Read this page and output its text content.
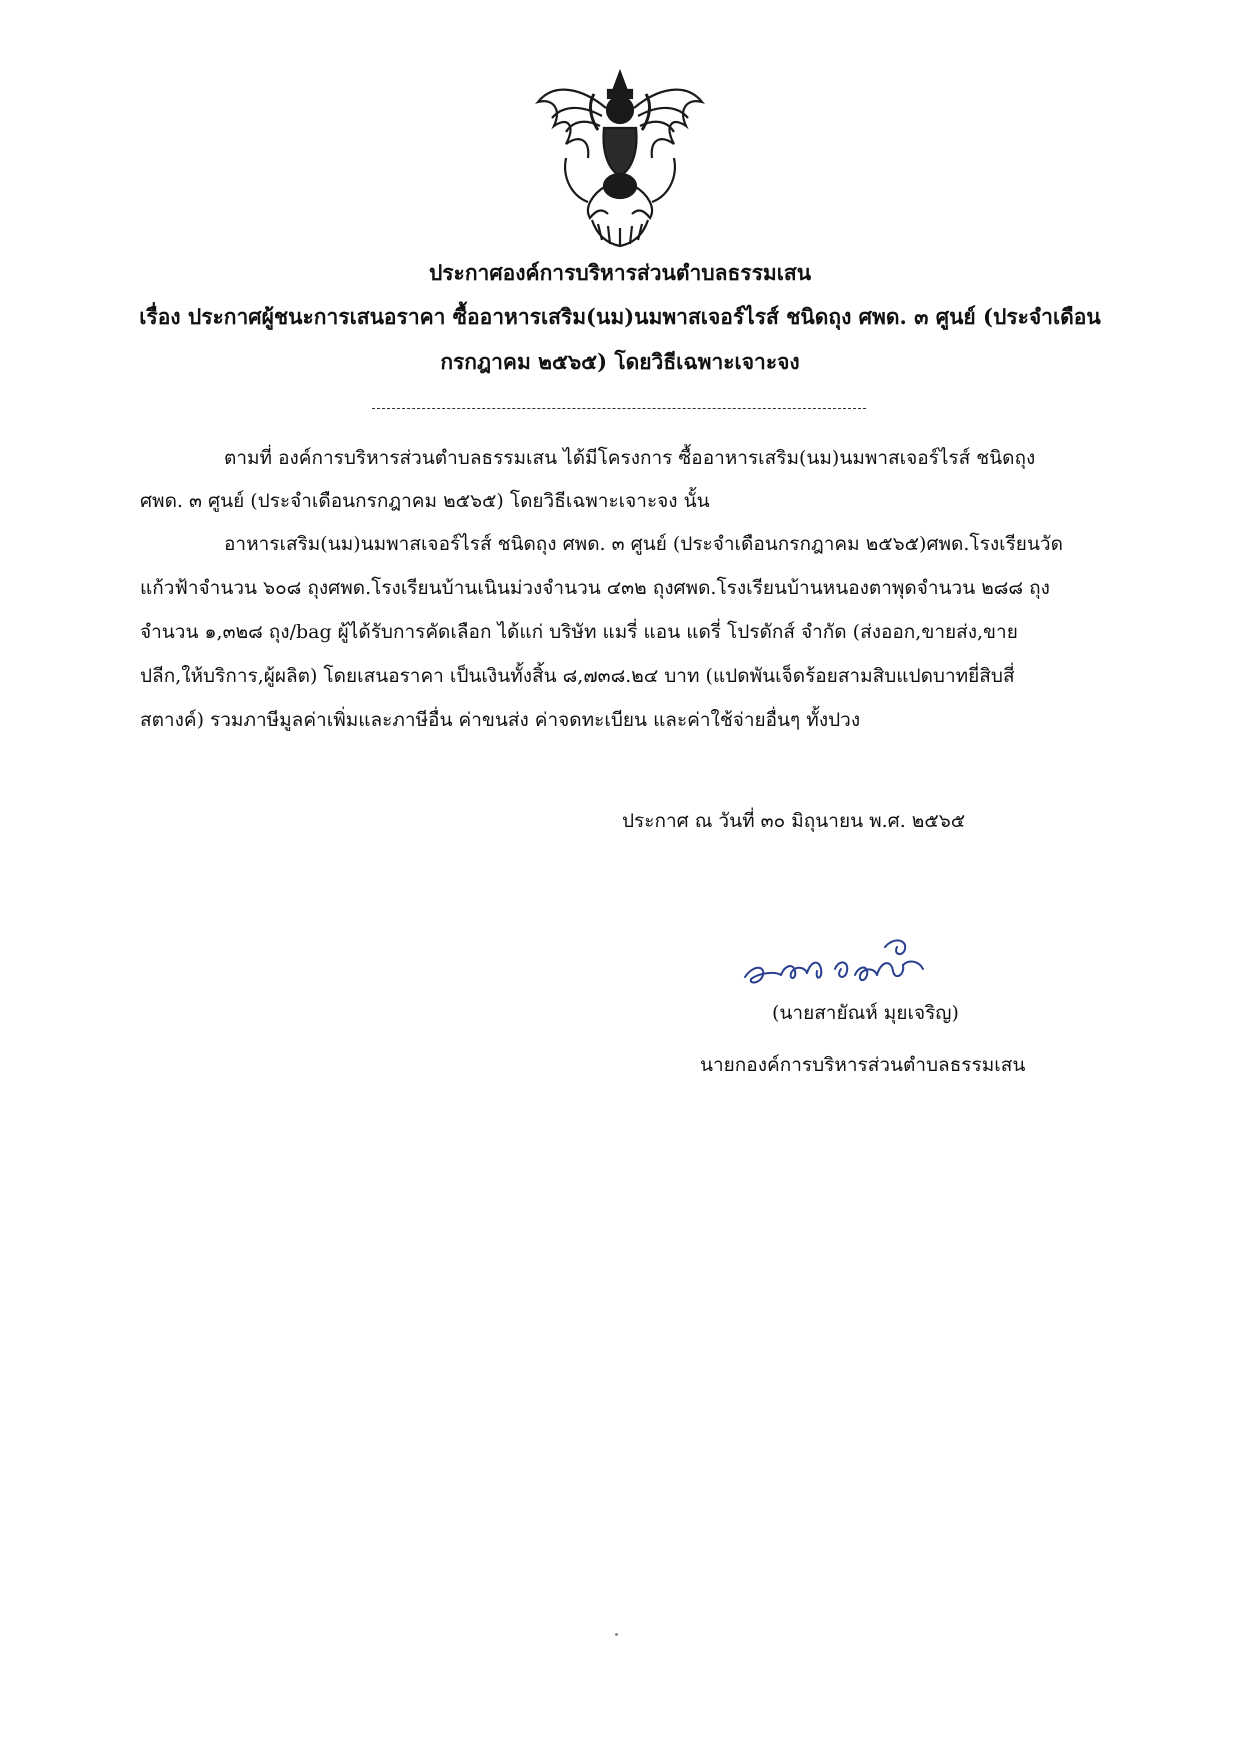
ประกาศองค์การบริหารส่วนตำบลธรรมเสน

เรื่อง ประกาศผู้ชนะการเสนอราคา ซื้ออาหารเสริม(นม)นมพาสเจอร์ไรส์ ชนิดถุง ศพด. ๓ ศูนย์ (ประจำเดือน

กรกฎาคม ๒๕๖๕) โดยวิธีเฉพาะเจาะจง

ตามที่ องค์การบริหารส่วนตำบลธรรมเสน ได้มีโครงการ ซื้ออาหารเสริม(นม)นมพาสเจอร์ไรส์ ชนิดถุง

ศพด. ๓ ศูนย์ (ประจำเดือนกรกฎาคม ๒๕๖๕) โดยวิธีเฉพาะเจาะจง นั้น

อาหารเสริม(นม)นมพาสเจอร์ไรส์ ชนิดถุง ศพด. ๓ ศูนย์ (ประจำเดือนกรกฎาคม ๒๕๖๕)ศพด.โรงเรียนวัด

แก้วฟ้าจำนวน ๖๐๘ ถุงศพด.โรงเรียนบ้านเนินม่วงจำนวน ๔๓๒ ถุงศพด.โรงเรียนบ้านหนองตาพุดจำนวน ๒๘๘ ถุง

จำนวน ๑,๓๒๘ ถุง/bag ผู้ได้รับการคัดเลือก ได้แก่ บริษัท แมรี่ แอน แดรี่ โปรดักส์ จำกัด (ส่งออก,ขายส่ง,ขาย

ปลีก,ให้บริการ,ผู้ผลิต) โดยเสนอราคา เป็นเงินทั้งสิ้น ๘,๗๓๘.๒๔ บาท (แปดพันเจ็ดร้อยสามสิบแปดบาทยี่สิบสี่

สตางค์) รวมภาษีมูลค่าเพิ่มและภาษีอื่น ค่าขนส่ง ค่าจดทะเบียน และค่าใช้จ่ายอื่นๆ ทั้งปวง

ประกาศ ณ วันที่ ๓๐ มิถุนายน พ.ศ. ๒๕๖๕

(นายสายัณห์ มุยเจริญ)

นายกองค์การบริหารส่วนตำบลธรรมเสน
